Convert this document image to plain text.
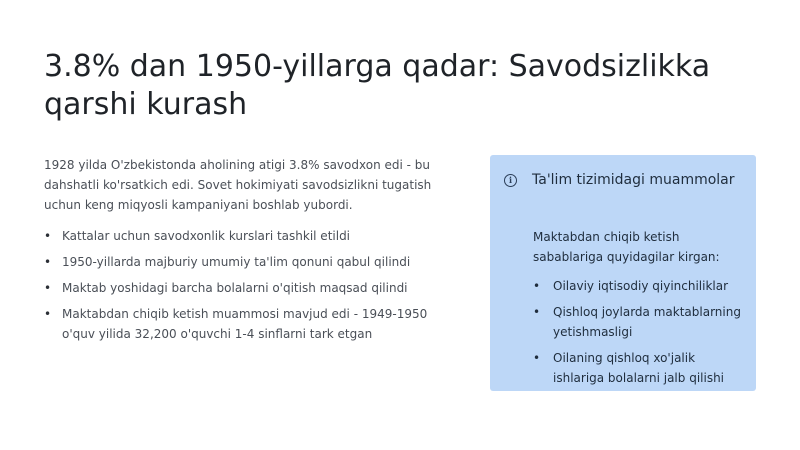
3.8% dan 1950-yillarga qadar: Savodsizlikka qarshi kurash

1928 yilda O'zbekistonda aholining atigi 3.8% savodxon edi - bu dahshatli ko'rsatkich edi. Sovet hokimiyati savodsizlikni tugatish uchun keng miqyosli kampaniyani boshlab yubordi.

• Kattalar uchun savodxonlik kurslari tashkil etildi
• 1950-yillarda majburiy umumiy ta'lim qonuni qabul qilindi
• Maktab yoshidagi barcha bolalarni o'qitish maqsad qilindi
• Maktabdan chiqib ketish muammosi mavjud edi - 1949-1950 o'quv yilida 32,200 o'quvchi 1-4 sinflarni tark etgan
i	Ta'lim tizimidagi muammolar

Maktabdan chiqib ketish sabablariga quyidagilar kirgan:

• Oilaviy iqtisodiy qiyinchiliklar
• Qishloq joylarda maktablarning yetishmasligi
• Oilaning qishloq xo'jalik ishlariga bolalarni jalb qilishi
